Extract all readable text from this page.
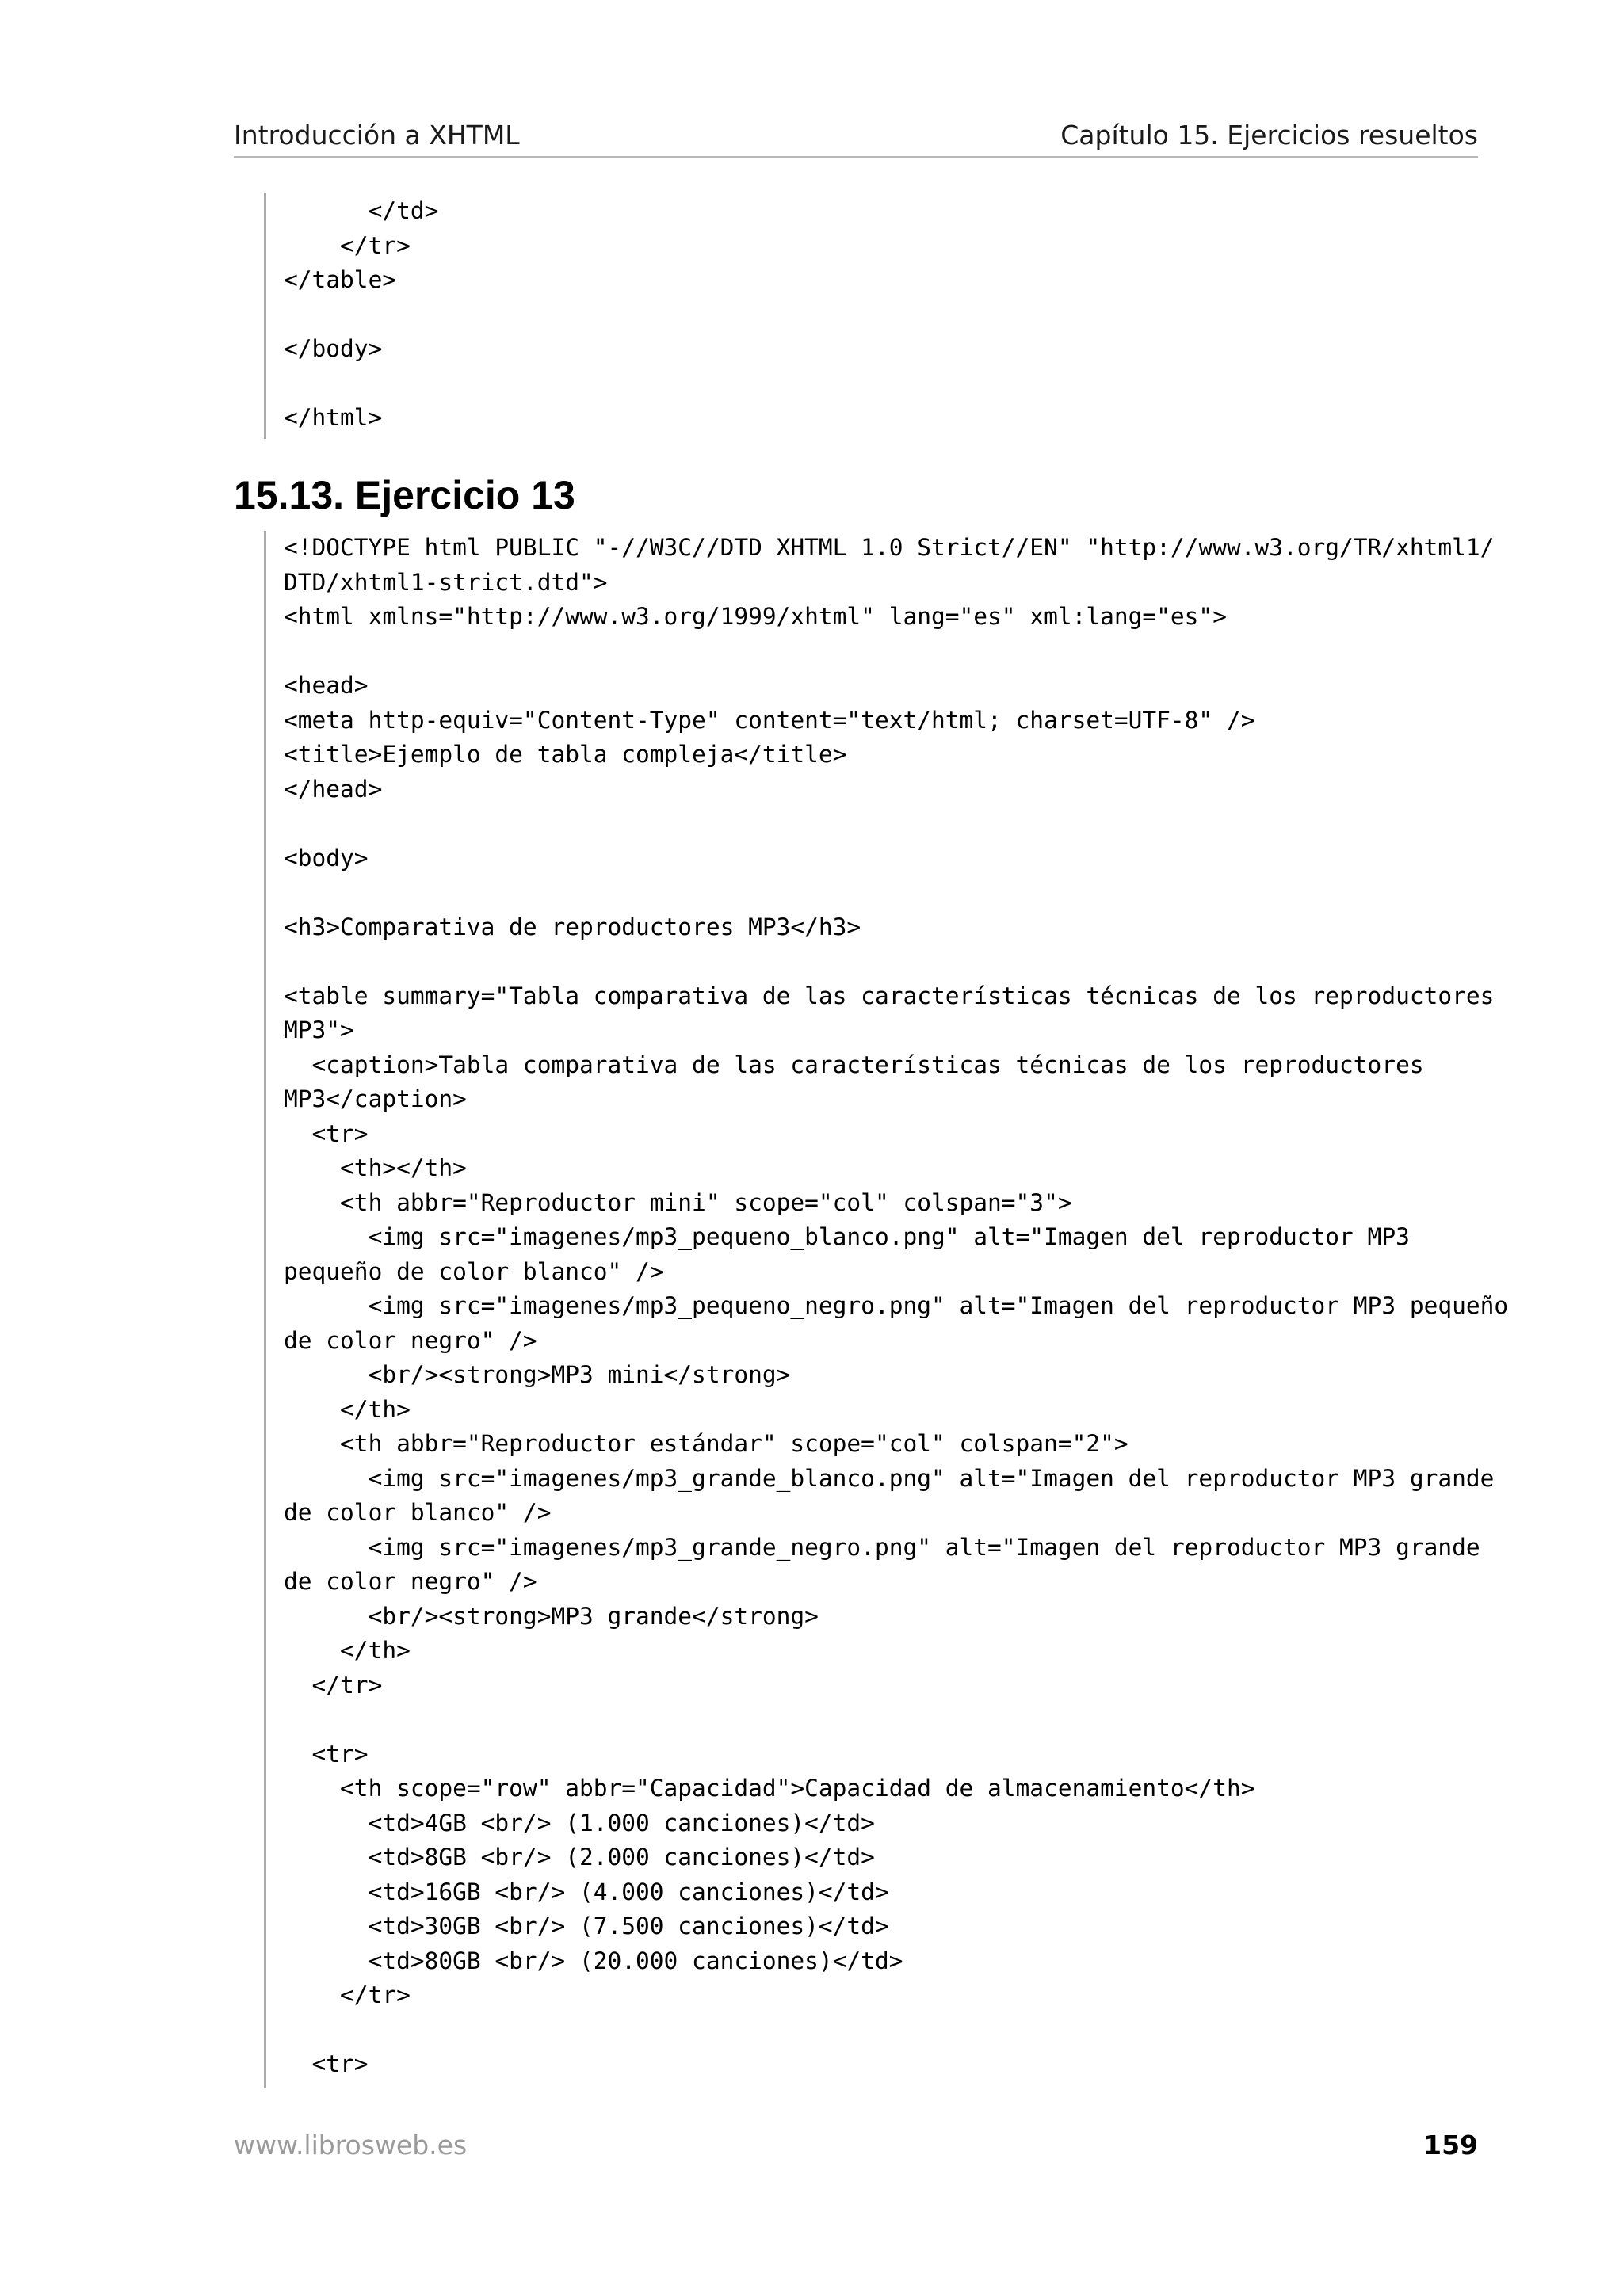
Introducción a XHTML	Capítulo 15. Ejercicios resueltos
</td>
</tr>
</table>
</body>
</html>
15.13. Ejercicio 13
<!DOCTYPE html PUBLIC "-//W3C//DTD XHTML 1.0 Strict//EN" "http://www.w3.org/TR/xhtml1/
DTD/xhtml1-strict.dtd">
<html xmlns="http://www.w3.org/1999/xhtml" lang="es" xml:lang="es">
<head>
<meta http-equiv="Content-Type" content="text/html; charset=UTF-8" />
<title>Ejemplo de tabla compleja</title>
</head>
<body>
<h3>Comparativa de reproductores MP3</h3>
<table summary="Tabla comparativa de las características técnicas de los reproductores
MP3">
<caption>Tabla comparativa de las características técnicas de los reproductores
MP3</caption>
<tr>
<th></th>
<th abbr="Reproductor mini" scope="col" colspan="3">
<img src="imagenes/mp3_pequeno_blanco.png" alt="Imagen del reproductor MP3
pequeño de color blanco" />
<img src="imagenes/mp3_pequeno_negro.png" alt="Imagen del reproductor MP3 pequeño
de color negro" />
<br/><strong>MP3 mini</strong>
</th>
<th abbr="Reproductor estándar" scope="col" colspan="2">
<img src="imagenes/mp3_grande_blanco.png" alt="Imagen del reproductor MP3 grande
de color blanco" />
<img src="imagenes/mp3_grande_negro.png" alt="Imagen del reproductor MP3 grande
de color negro" />
<br/><strong>MP3 grande</strong>
</th>
</tr>
<tr>
<th scope="row" abbr="Capacidad">Capacidad de almacenamiento</th>
<td>4GB <br/> (1.000 canciones)</td>
<td>8GB <br/> (2.000 canciones)</td>
<td>16GB <br/> (4.000 canciones)</td>
<td>30GB <br/> (7.500 canciones)</td>
<td>80GB <br/> (20.000 canciones)</td>
</tr>
<tr>
www.librosweb.es	159
